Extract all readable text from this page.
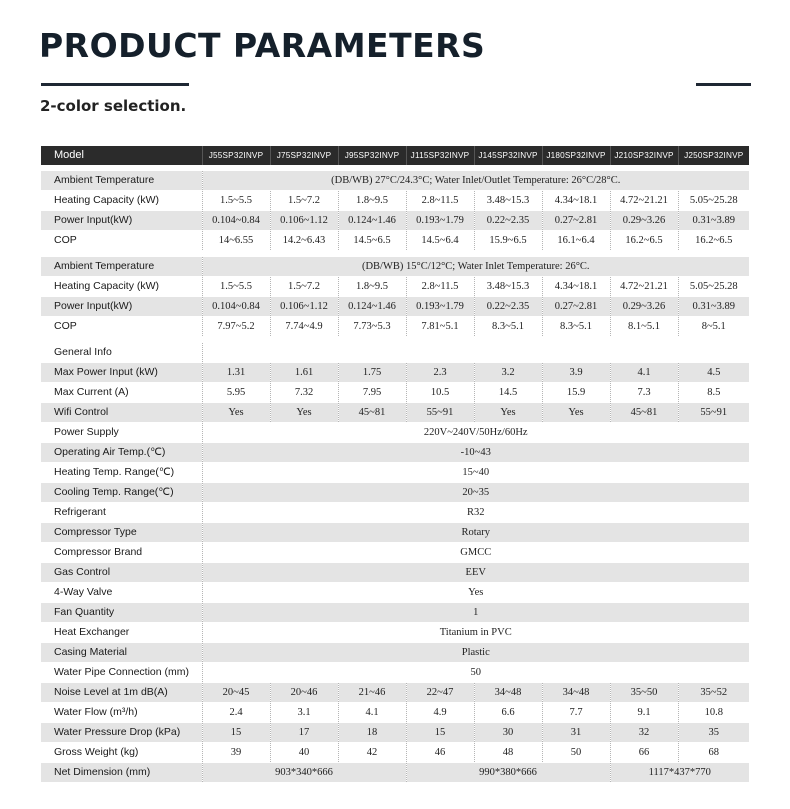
PRODUCT PARAMETERS
2-color selection.
Model	J55SP32INVP	J75SP32INVP	J95SP32INVP	J115SP32INVP	J145SP32INVP	J180SP32INVP	J210SP32INVP	J250SP32INVP

Ambient Temperature	(DB/WB) 27°C/24.3°C; Water Inlet/Outlet Temperature: 26°C/28°C.							
Heating Capacity (kW)	1.5~5.5	1.5~7.2	1.8~9.5	2.8~11.5	3.48~15.3	4.34~18.1	4.72~21.21	5.05~25.28
Power Input(kW)	0.104~0.84	0.106~1.12	0.124~1.46	0.193~1.79	0.22~2.35	0.27~2.81	0.29~3.26	0.31~3.89
COP	14~6.55	14.2~6.43	14.5~6.5	14.5~6.4	15.9~6.5	16.1~6.4	16.2~6.5	16.2~6.5

Ambient Temperature	(DB/WB) 15°C/12°C; Water Inlet Temperature: 26°C.							
Heating Capacity (kW)	1.5~5.5	1.5~7.2	1.8~9.5	2.8~11.5	3.48~15.3	4.34~18.1	4.72~21.21	5.05~25.28
Power Input(kW)	0.104~0.84	0.106~1.12	0.124~1.46	0.193~1.79	0.22~2.35	0.27~2.81	0.29~3.26	0.31~3.89
COP	7.97~5.2	7.74~4.9	7.73~5.3	7.81~5.1	8.3~5.1	8.3~5.1	8.1~5.1	8~5.1

General Info								
Max Power Input (kW)	1.31	1.61	1.75	2.3	3.2	3.9	4.1	4.5
Max Current (A)	5.95	7.32	7.95	10.5	14.5	15.9	7.3	8.5
Wifi Control	Yes	Yes	45~81	55~91	Yes	Yes	45~81	55~91
Power Supply	220V~240V/50Hz/60Hz							
Operating Air Temp.(℃)	-10~43							
Heating Temp. Range(℃)	15~40							
Cooling Temp. Range(℃)	20~35							
Refrigerant	R32							
Compressor Type	Rotary							
Compressor Brand	GMCC							
Gas Control	EEV							
4-Way Valve	Yes							
Fan Quantity	1							
Heat Exchanger	Titanium in PVC							
Casing Material	Plastic							
Water Pipe Connection (mm)	50							
Noise Level at 1m dB(A)	20~45	20~46	21~46	22~47	34~48	34~48	35~50	35~52
Water Flow (m³/h)	2.4	3.1	4.1	4.9	6.6	7.7	9.1	10.8
Water Pressure Drop (kPa)	15	17	18	15	30	31	32	35
Gross Weight (kg)	39	40	42	46	48	50	66	68
Net Dimension (mm)	903*340*666			990*380*666			1117*437*770	
